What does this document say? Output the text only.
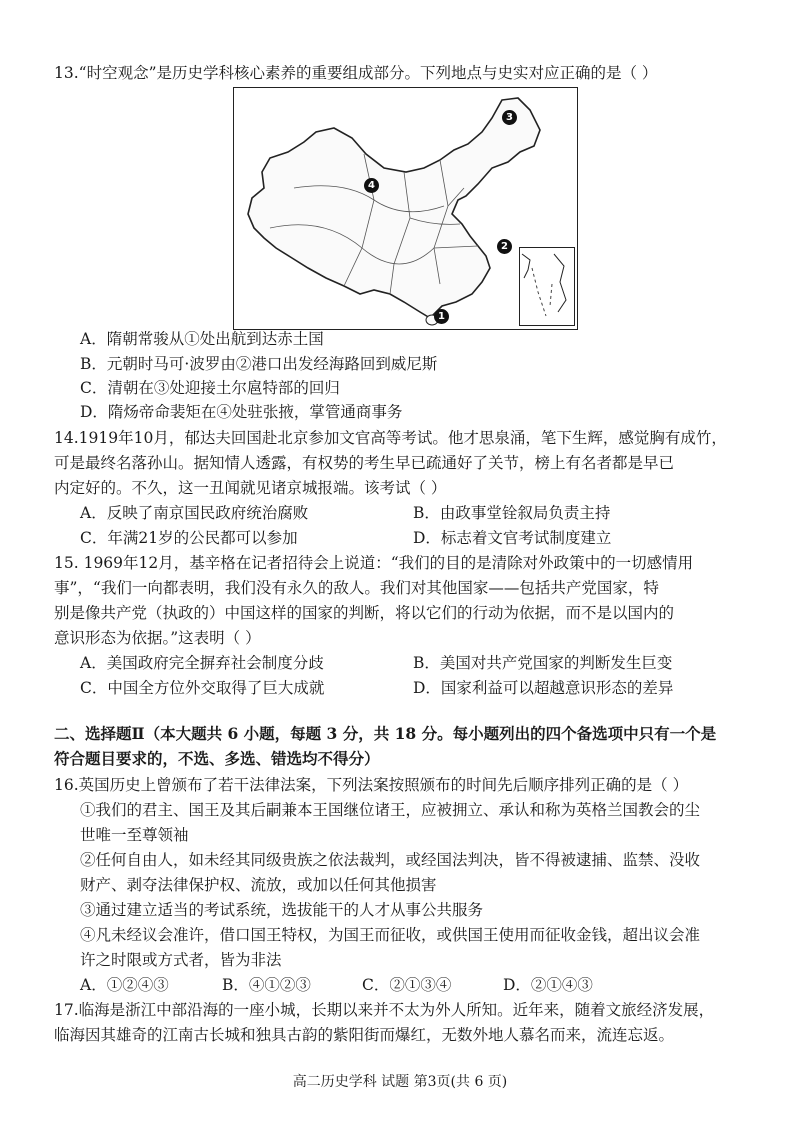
13.“时空观念”是历史学科核心素养的重要组成部分。下列地点与史实对应正确的是（ ）
1
2
3
4
A．隋朝常骏从①处出航到达赤土国
B．元朝时马可·波罗由②港口出发经海路回到威尼斯
C．清朝在③处迎接土尔扈特部的回归
D．隋炀帝命裴矩在④处驻张掖，掌管通商事务
14.1919年10月，郁达夫回国赴北京参加文官高等考试。他才思泉涌，笔下生辉，感觉胸有成竹，
可是最终名落孙山。据知情人透露，有权势的考生早已疏通好了关节，榜上有名者都是早已
内定好的。不久，这一丑闻就见诸京城报端。该考试（ ）
A．反映了南京国民政府统治腐败	B．由政事堂铨叙局负责主持
C．年满21岁的公民都可以参加	D．标志着文官考试制度建立
15. 1969年12月，基辛格在记者招待会上说道：“我们的目的是清除对外政策中的一切感情用
事”，“我们一向都表明，我们没有永久的敌人。我们对其他国家——包括共产党国家，特
别是像共产党（执政的）中国这样的国家的判断，将以它们的行动为依据，而不是以国内的
意识形态为依据。”这表明（ ）
A．美国政府完全摒弃社会制度分歧	B．美国对共产党国家的判断发生巨变
C．中国全方位外交取得了巨大成就	D．国家利益可以超越意识形态的差异
二、选择题Ⅱ（本大题共 6 小题，每题 3 分，共 18 分。每小题列出的四个备选项中只有一个是
符合题目要求的，不选、多选、错选均不得分）
16.英国历史上曾颁布了若干法律法案，下列法案按照颁布的时间先后顺序排列正确的是（ ）
①我们的君主、国王及其后嗣兼本王国继位诸王，应被拥立、承认和称为英格兰国教会的尘
世唯一至尊领袖
②任何自由人，如未经其同级贵族之依法裁判，或经国法判决，皆不得被逮捕、监禁、没收
财产、剥夺法律保护权、流放，或加以任何其他损害
③通过建立适当的考试系统，选拔能干的人才从事公共服务
④凡未经议会准许，借口国王特权，为国王而征收，或供国王使用而征收金钱，超出议会准
许之时限或方式者，皆为非法
A．①②④③	B．④①②③	C．②①③④	D．②①④③
17.临海是浙江中部沿海的一座小城，长期以来并不太为外人所知。近年来，随着文旅经济发展，
临海因其雄奇的江南古长城和独具古韵的紫阳街而爆红，无数外地人慕名而来，流连忘返。
高二历史学科 试题 第3页(共 6 页)
